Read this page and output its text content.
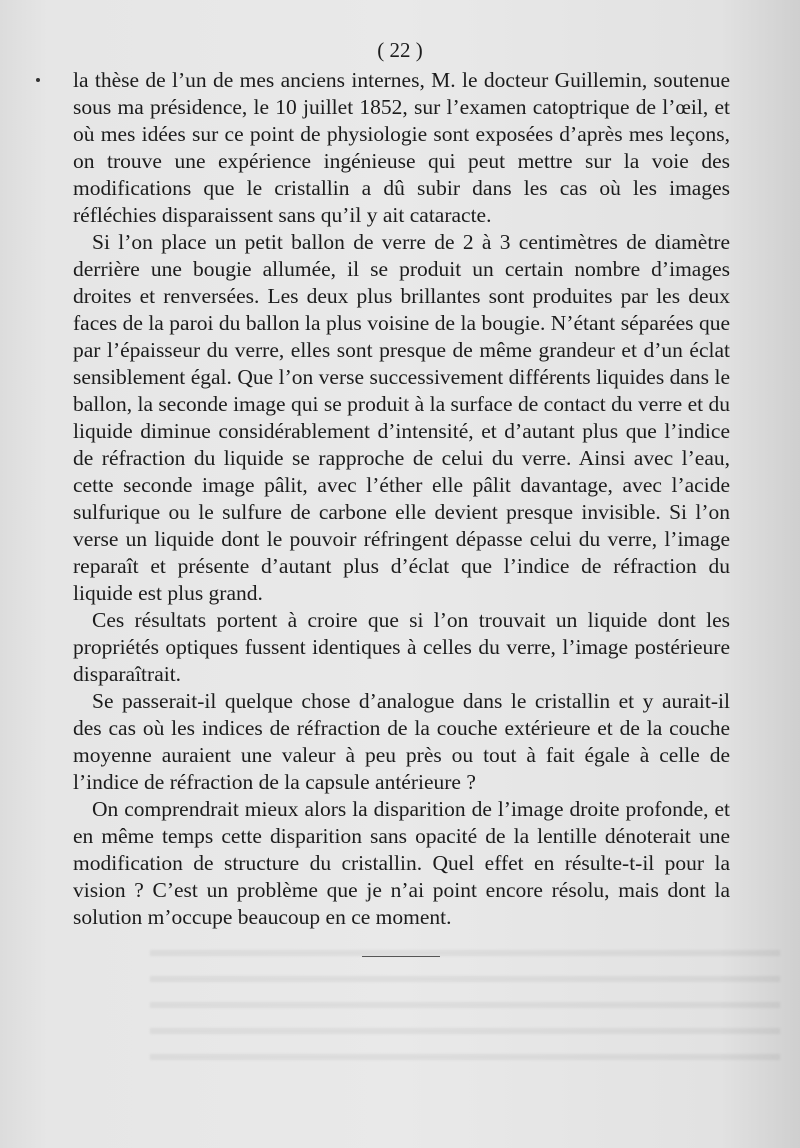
( 22 )

la thèse de l’un de mes anciens internes, M. le docteur Guillemin, soutenue sous ma présidence, le 10 juillet 1852, sur l’examen catoptrique de l’œil, et où mes idées sur ce point de physiologie sont exposées d’après mes leçons, on trouve une expérience ingénieuse qui peut mettre sur la voie des modifications que le cristallin a dû subir dans les cas où les images réfléchies disparaissent sans qu’il y ait cataracte.

Si l’on place un petit ballon de verre de 2 à 3 centimètres de diamètre derrière une bougie allumée, il se produit un certain nombre d’images droites et renversées. Les deux plus brillantes sont produites par les deux faces de la paroi du ballon la plus voisine de la bougie. N’étant séparées que par l’épaisseur du verre, elles sont presque de même grandeur et d’un éclat sensiblement égal. Que l’on verse successivement différents liquides dans le ballon, la seconde image qui se produit à la surface de contact du verre et du liquide diminue considérablement d’intensité, et d’autant plus que l’indice de réfraction du liquide se rapproche de celui du verre. Ainsi avec l’eau, cette seconde image pâlit, avec l’éther elle pâlit davantage, avec l’acide sulfurique ou le sulfure de carbone elle devient presque invisible. Si l’on verse un liquide dont le pouvoir réfringent dépasse celui du verre, l’image reparaît et présente d’autant plus d’éclat que l’indice de réfraction du liquide est plus grand.

Ces résultats portent à croire que si l’on trouvait un liquide dont les propriétés optiques fussent identiques à celles du verre, l’image postérieure disparaîtrait.

Se passerait-il quelque chose d’analogue dans le cristallin et y aurait-il des cas où les indices de réfraction de la couche extérieure et de la couche moyenne auraient une valeur à peu près ou tout à fait égale à celle de l’indice de réfraction de la capsule antérieure ?

On comprendrait mieux alors la disparition de l’image droite profonde, et en même temps cette disparition sans opacité de la lentille dénoterait une modification de structure du cristallin. Quel effet en résulte-t-il pour la vision ? C’est un problème que je n’ai point encore résolu, mais dont la solution m’occupe beaucoup en ce moment.
